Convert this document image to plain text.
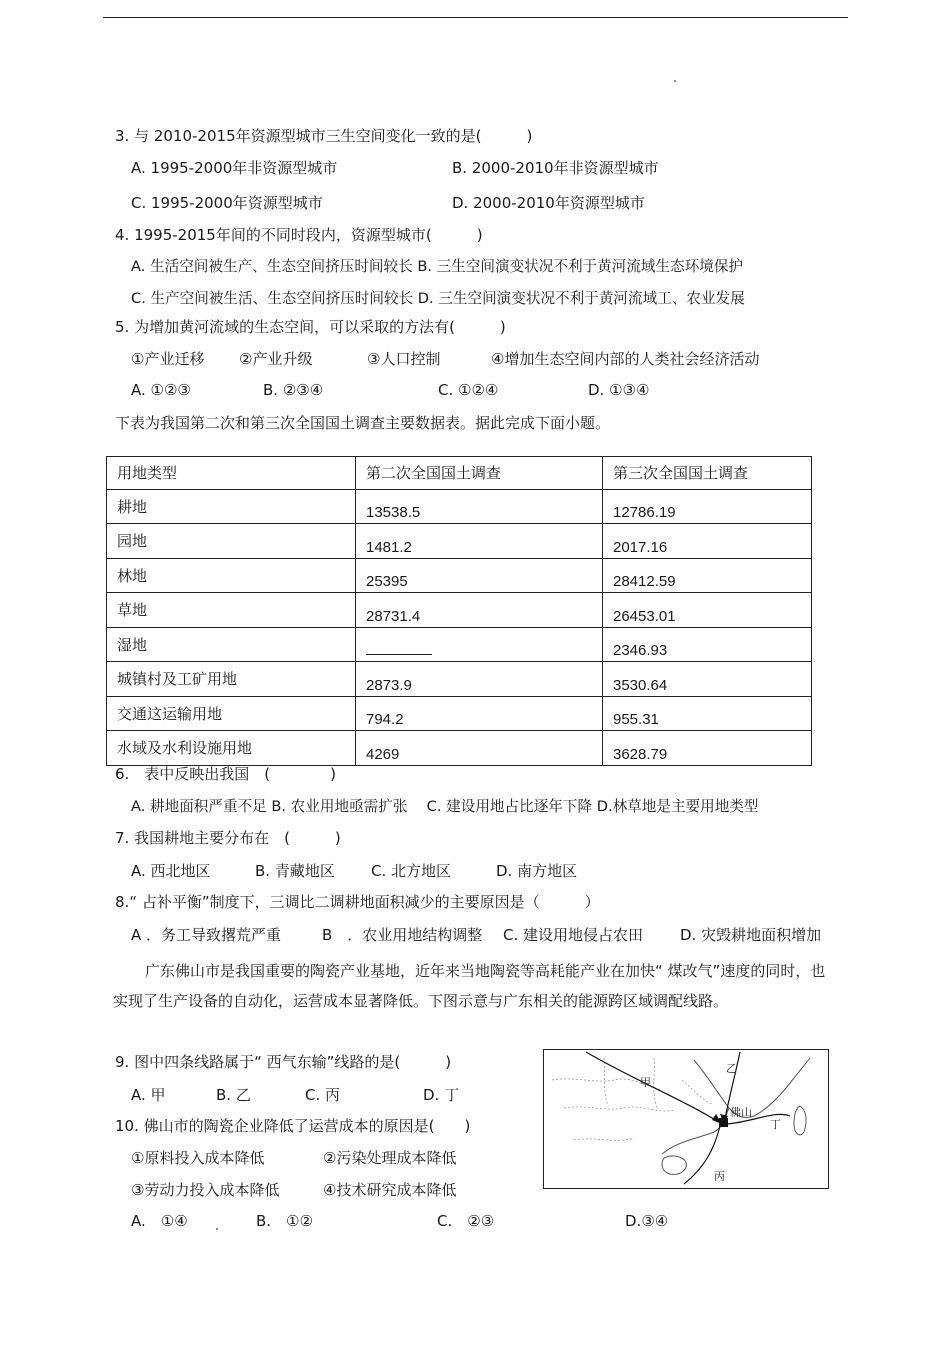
3. 与 2010-2015年资源型城市三生空间变化一致的是(　　　)
A. 1995-2000年非资源型城市	B. 2000-2010年非资源型城市
C. 1995-2000年资源型城市	D. 2000-2010年资源型城市
4. 1995-2015年间的不同时段内，资源型城市(　　　)
A. 生活空间被生产、生态空间挤压时间较长 B. 三生空间演变状况不利于黄河流域生态环境保护
C. 生产空间被生活、生态空间挤压时间较长 D. 三生空间演变状况不利于黄河流域工、农业发展
5. 为增加黄河流域的生态空间，可以采取的方法有(　　　)
①产业迁移 ②产业升级	③人口控制	④增加生态空间内部的人类社会经济活动
A. ①②③	B. ②③④	C. ①②④	D. ①③④
下表为我国第二次和第三次全国国土调查主要数据表。据此完成下面小题。
用地类型	第二次全国国土调查	第三次全国国土调查
耕地	13538.5	12786.19
园地	1481.2	2017.16
林地	25395	28412.59
草地	28731.4	26453.01
湿地		2346.93
城镇村及工矿用地	2873.9	3530.64
交通这运输用地	794.2	955.31
水域及水利设施用地	4269	3628.79
6.　表中反映出我国　(　　　　)
A. 耕地面积严重不足 B. 农业用地亟需扩张　 C. 建设用地占比逐年下降 D.林草地是主要用地类型
7. 我国耕地主要分布在　(　　　)
A. 西北地区	B. 青藏地区 C. 北方地区	D. 南方地区
8.“ 占补平衡”制度下，三调比二调耕地面积减少的主要原因是（　　　）
A ．务工导致撂荒严重	B　．农业用地结构调整 C. 建设用地侵占农田 D. 灾毁耕地面积增加
广东佛山市是我国重要的陶瓷产业基地，近年来当地陶瓷等高耗能产业在加快“ 煤改气”速度的同时，也实现了生产设备的自动化，运营成本显著降低。下图示意与广东相关的能源跨区域调配线路。
9. 图中四条线路属于“ 西气东输”线路的是(　　　)
A. 甲	B. 乙	C. 丙	D. 丁
10. 佛山市的陶瓷企业降低了运营成本的原因是(　　)
①原料投入成本降低	②污染处理成本降低
③劳动力投入成本降低	④技术研究成本降低
A.　①④	B.　①②	C.　②③	D.③④
甲
乙
丙
丁
佛山
